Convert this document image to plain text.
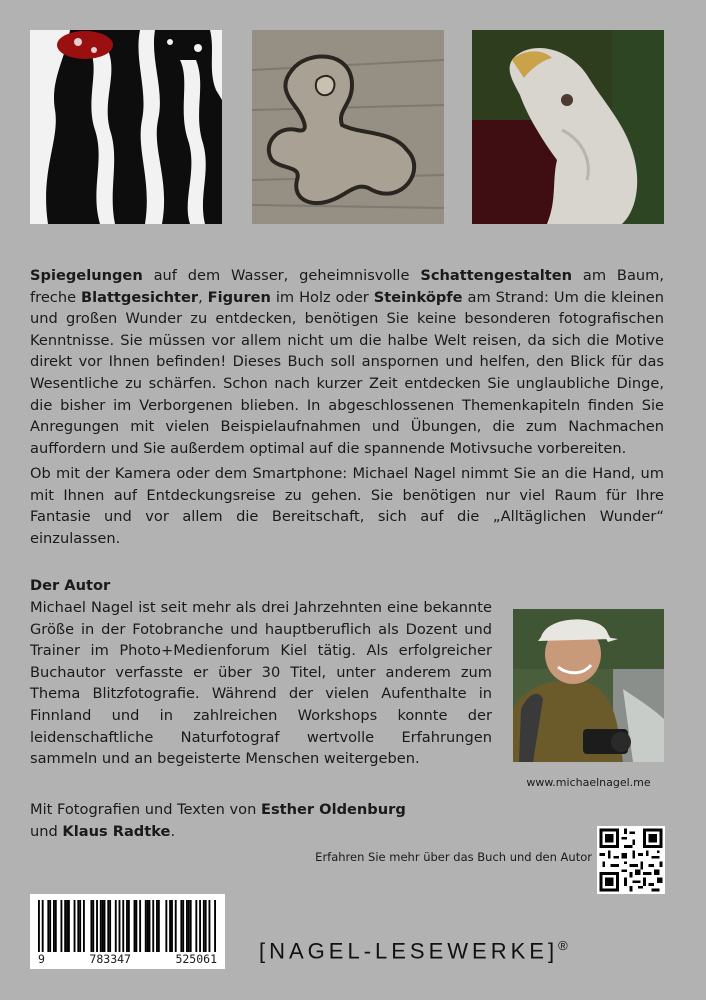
Spiegelungen auf dem Wasser, geheimnisvolle Schattengestalten am Baum, freche Blattgesichter, Figuren im Holz oder Steinköpfe am Strand: Um die kleinen und großen Wunder zu entdecken, benötigen Sie keine besonderen fotografischen Kenntnisse. Sie müssen vor allem nicht um die halbe Welt reisen, da sich die Motive direkt vor Ihnen befinden! Dieses Buch soll anspornen und helfen, den Blick für das Wesentliche zu schärfen. Schon nach kurzer Zeit entdecken Sie unglaubliche Dinge, die bisher im Verborgenen blieben. In abgeschlossenen Themenkapiteln finden Sie Anregungen mit vielen Beispielaufnahmen und Übungen, die zum Nachmachen auffordern und Sie außerdem optimal auf die spannende Motivsuche vorbereiten.

Ob mit der Kamera oder dem Smartphone: Michael Nagel nimmt Sie an die Hand, um mit Ihnen auf Entdeckungsreise zu gehen. Sie benötigen nur viel Raum für Ihre Fantasie und vor allem die Bereitschaft, sich auf die „Alltäglichen Wunder“ einzulassen.

Der Autor

Michael Nagel ist seit mehr als drei Jahrzehnten eine bekannte Größe in der Fotobranche und hauptberuflich als Dozent und Trainer im Photo+Medienforum Kiel tätig. Als erfolgreicher Buchautor verfasste er über 30 Titel, unter anderem zum Thema Blitzfotografie. Während der vielen Aufenthalte in Finnland und in zahlreichen Workshops konnte der leidenschaftliche Naturfotograf wertvolle Erfahrungen sammeln und an begeisterte Menschen weitergeben.

www.michaelnagel.me

Mit Fotografien und Texten von Esther Oldenburg
und Klaus Radtke.

Erfahren Sie mehr über das Buch und den Autor

9	783347	525061 [NAGEL-LESEWERKE]®
